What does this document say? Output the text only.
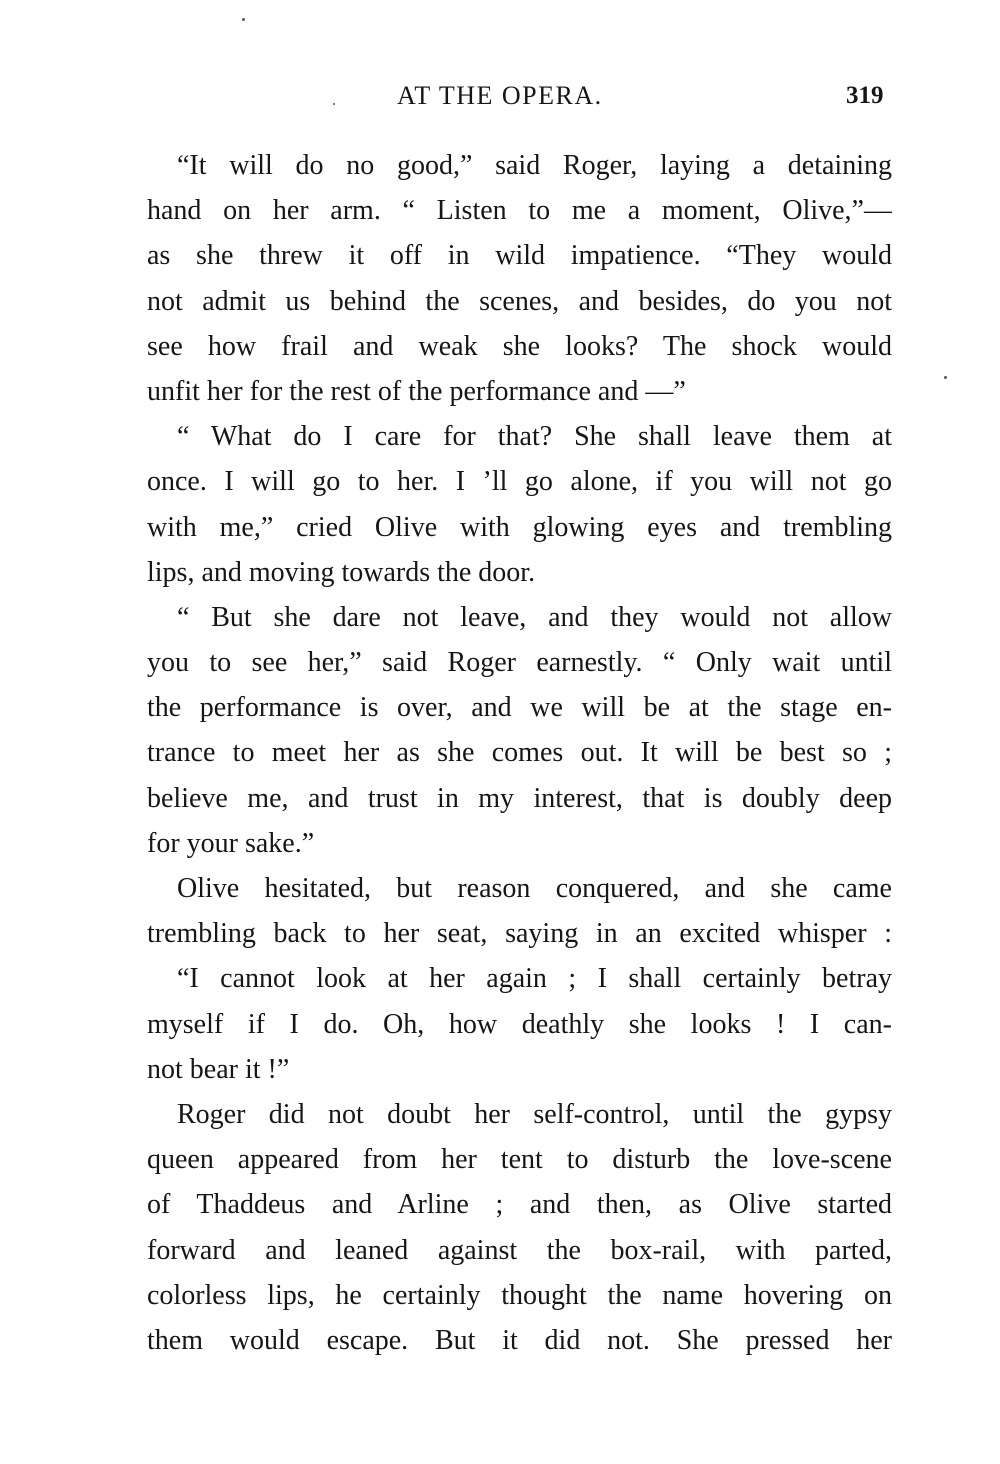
AT THE OPERA.	319
“It will do no good,” said Roger, laying a detaining
hand on her arm. “ Listen to me a moment, Olive,”—
as she threw it off in wild impatience. “They would
not admit us behind the scenes, and besides, do you not
see how frail and weak she looks? The shock would
unfit her for the rest of the performance and —”
“ What do I care for that? She shall leave them at
once. I will go to her. I ’ll go alone, if you will not go
with me,” cried Olive with glowing eyes and trembling
lips, and moving towards the door.
“ But she dare not leave, and they would not allow
you to see her,” said Roger earnestly. “ Only wait until
the performance is over, and we will be at the stage en-
trance to meet her as she comes out. It will be best so ;
believe me, and trust in my interest, that is doubly deep
for your sake.”
Olive hesitated, but reason conquered, and she came
trembling back to her seat, saying in an excited whisper :
“I cannot look at her again ; I shall certainly betray
myself if I do. Oh, how deathly she looks ! I can-
not bear it !”
Roger did not doubt her self-control, until the gypsy
queen appeared from her tent to disturb the love-scene
of Thaddeus and Arline ; and then, as Olive started
forward and leaned against the box-rail, with parted,
colorless lips, he certainly thought the name hovering on
them would escape. But it did not. She pressed her
